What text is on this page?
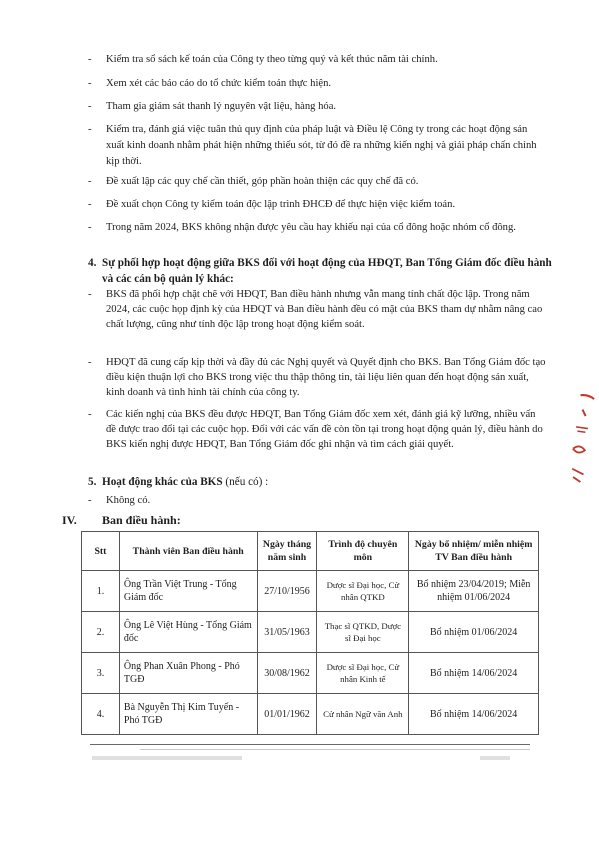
- Kiểm tra sổ sách kế toán của Công ty theo từng quý và kết thúc năm tài chính.
- Xem xét các báo cáo do tổ chức kiểm toán thực hiện.
- Tham gia giám sát thanh lý nguyên vật liệu, hàng hóa.
- Kiểm tra, đánh giá việc tuân thủ quy định của pháp luật và Điều lệ Công ty trong các hoạt động sản xuất kinh doanh nhằm phát hiện những thiếu sót, từ đó đề ra những kiến nghị và giải pháp chấn chỉnh kịp thời.
- Đề xuất lập các quy chế cần thiết, góp phần hoàn thiện các quy chế đã có.
- Đề xuất chọn Công ty kiểm toán độc lập trình ĐHCĐ để thực hiện việc kiểm toán.
- Trong năm 2024, BKS không nhận được yêu cầu hay khiếu nại của cổ đông hoặc nhóm cổ đông.
4. Sự phối hợp hoạt động giữa BKS đối với hoạt động của HĐQT, Ban Tổng Giám đốc điều hành và các cán bộ quản lý khác:
- BKS đã phối hợp chặt chẽ với HĐQT, Ban điều hành nhưng vẫn mang tính chất độc lập. Trong năm 2024, các cuộc họp định kỳ của HĐQT và Ban điều hành đều có mặt của BKS tham dự nhằm nâng cao chất lượng, cũng như tính độc lập trong hoạt động kiểm soát.
- HĐQT đã cung cấp kịp thời và đầy đủ các Nghị quyết và Quyết định cho BKS. Ban Tổng Giám đốc tạo điều kiện thuận lợi cho BKS trong việc thu thập thông tin, tài liệu liên quan đến hoạt động sản xuất, kinh doanh và tình hình tài chính của công ty.
- Các kiến nghị của BKS đều được HĐQT, Ban Tổng Giám đốc xem xét, đánh giá kỹ lưỡng, nhiều vấn đề được trao đổi tại các cuộc họp. Đối với các vấn đề còn tồn tại trong hoạt động quản lý, điều hành do BKS kiến nghị được HĐQT, Ban Tổng Giám đốc ghi nhận và tìm cách giải quyết.
5. Hoạt động khác của BKS (nếu có) :
- Không có.
IV. Ban điều hành:
Stt	Thành viên Ban điều hành	Ngày tháng năm sinh	Trình độ chuyên môn	Ngày bổ nhiệm/ miễn nhiệm TV Ban điều hành
1.	Ông Trần Việt Trung - Tổng Giám đốc	27/10/1956	Dược sĩ Đại học, Cử nhân QTKD	Bổ nhiệm 23/04/2019; Miễn nhiệm 01/06/2024
2.	Ông Lê Việt Hùng - Tổng Giám đốc	31/05/1963	Thạc sĩ QTKD, Dược sĩ Đại học	Bổ nhiệm 01/06/2024
3.	Ông Phan Xuân Phong - Phó TGĐ	30/08/1962	Dược sĩ Đại học, Cử nhân Kinh tế	Bổ nhiệm 14/06/2024
4.	Bà Nguyễn Thị Kim Tuyến - Phó TGĐ	01/01/1962	Cử nhân Ngữ văn Anh	Bổ nhiệm 14/06/2024
